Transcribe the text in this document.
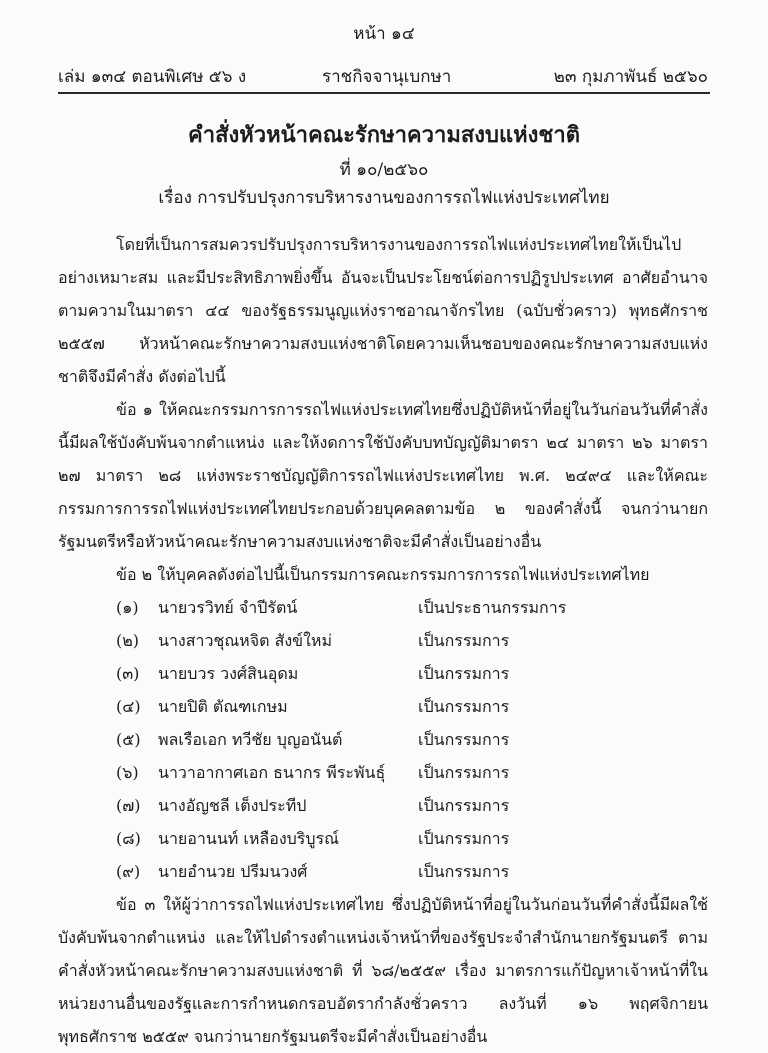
หน้า ๑๔
เล่ม ๑๓๔ ตอนพิเศษ ๕๖ ง	ราชกิจจานุเบกษา	๒๓ กุมภาพันธ์ ๒๕๖๐
คำสั่งหัวหน้าคณะรักษาความสงบแห่งชาติ
ที่ ๑๐/๒๕๖๐
เรื่อง การปรับปรุงการบริหารงานของการรถไฟแห่งประเทศไทย

โดยที่เป็นการสมควรปรับปรุงการบริหารงานของการรถไฟแห่งประเทศไทยให้เป็นไปอย่างเหมาะสม และมีประสิทธิภาพยิ่งขึ้น อันจะเป็นประโยชน์ต่อการปฏิรูปประเทศ อาศัยอำนาจตามความในมาตรา ๔๔ ของรัฐธรรมนูญแห่งราชอาณาจักรไทย (ฉบับชั่วคราว) พุทธศักราช ๒๕๕๗ หัวหน้าคณะรักษาความสงบแห่งชาติโดยความเห็นชอบของคณะรักษาความสงบแห่งชาติจึงมีคำสั่ง ดังต่อไปนี้

ข้อ ๑ ให้คณะกรรมการการรถไฟแห่งประเทศไทยซึ่งปฏิบัติหน้าที่อยู่ในวันก่อนวันที่คำสั่งนี้มีผลใช้บังคับพ้นจากตำแหน่ง และให้งดการใช้บังคับบทบัญญัติมาตรา ๒๔ มาตรา ๒๖ มาตรา ๒๗ มาตรา ๒๘ แห่งพระราชบัญญัติการรถไฟแห่งประเทศไทย พ.ศ. ๒๔๙๔ และให้คณะกรรมการการรถไฟแห่งประเทศไทยประกอบด้วยบุคคลตามข้อ ๒ ของคำสั่งนี้ จนกว่านายกรัฐมนตรีหรือหัวหน้าคณะรักษาความสงบแห่งชาติจะมีคำสั่งเป็นอย่างอื่น

ข้อ ๒ ให้บุคคลดังต่อไปนี้เป็นกรรมการคณะกรรมการการรถไฟแห่งประเทศไทย

(๑) นายวรวิทย์ จำปีรัตน์	เป็นประธานกรรมการ
(๒) นางสาวชุณหจิต สังข์ใหม่	เป็นกรรมการ
(๓) นายบวร วงศ์สินอุดม	เป็นกรรมการ
(๔) นายปิติ ตัณฑเกษม	เป็นกรรมการ
(๕) พลเรือเอก ทวีชัย บุญอนันต์	เป็นกรรมการ
(๖) นาวาอากาศเอก ธนากร พีระพันธุ์ เป็นกรรมการ
(๗) นางอัญชลี เต็งประทีป	เป็นกรรมการ
(๘) นายอานนท์ เหลืองบริบูรณ์	เป็นกรรมการ
(๙) นายอำนวย ปรีมนวงศ์	เป็นกรรมการ

ข้อ ๓ ให้ผู้ว่าการรถไฟแห่งประเทศไทย ซึ่งปฏิบัติหน้าที่อยู่ในวันก่อนวันที่คำสั่งนี้มีผลใช้บังคับพ้นจากตำแหน่ง และให้ไปดำรงตำแหน่งเจ้าหน้าที่ของรัฐประจำสำนักนายกรัฐมนตรี ตามคำสั่งหัวหน้าคณะรักษาความสงบแห่งชาติ ที่ ๖๘/๒๕๕๙ เรื่อง มาตรการแก้ปัญหาเจ้าหน้าที่ในหน่วยงานอื่นของรัฐและการกำหนดกรอบอัตรากำลังชั่วคราว ลงวันที่ ๑๖ พฤศจิกายน พุทธศักราช ๒๕๕๙ จนกว่านายกรัฐมนตรีจะมีคำสั่งเป็นอย่างอื่น
